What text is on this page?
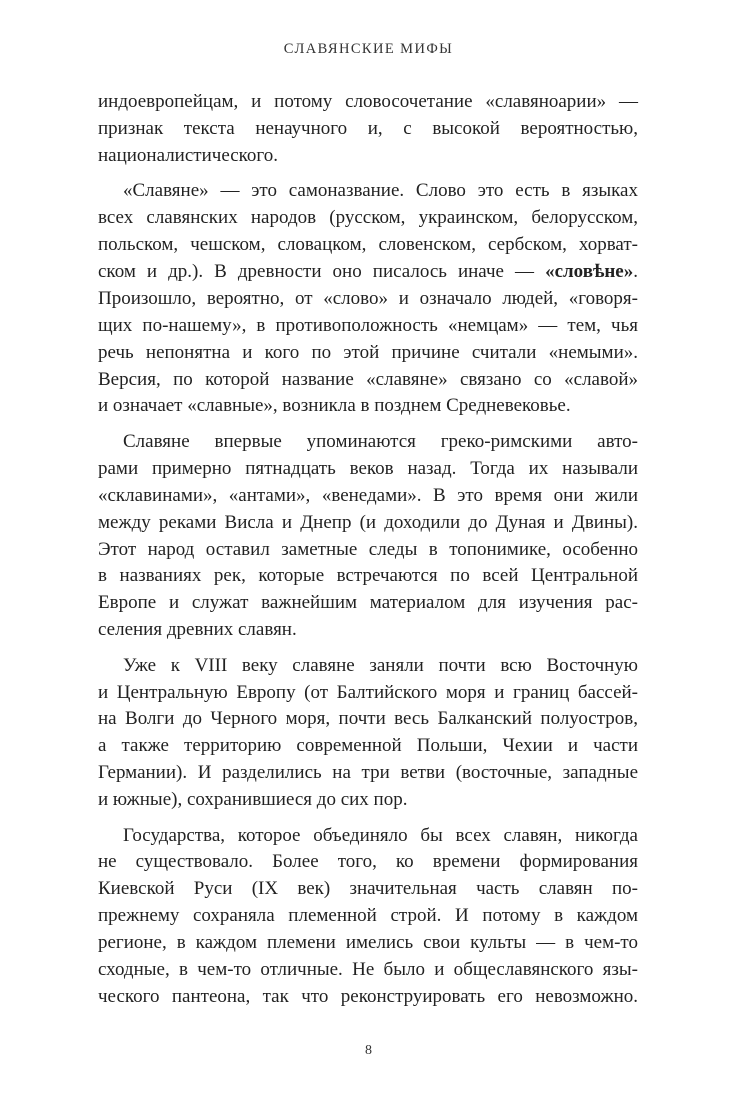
СЛАВЯНСКИЕ МИФЫ

индоевропейцам, и потому словосочетание «славяноарии» —
признак текста ненаучного и, с высокой вероятностью,
националистического.

«Славяне» — это самоназвание. Слово это есть в языках
всех славянских народов (русском, украинском, белорусском,
польском, чешском, словацком, словенском, сербском, хорват-
ском и др.). В древности оно писалось иначе — «словѣне».
Произошло, вероятно, от «слово» и означало людей, «говоря-
щих по-нашему», в противоположность «немцам» — тем, чья
речь непонятна и кого по этой причине считали «немыми».
Версия, по которой название «славяне» связано со «славой»
и означает «славные», возникла в позднем Средневековье.

Славяне впервые упоминаются греко-римскими авто-
рами примерно пятнадцать веков назад. Тогда их называли
«склавинами», «антами», «венедами». В это время они жили
между реками Висла и Днепр (и доходили до Дуная и Двины).
Этот народ оставил заметные следы в топонимике, особенно
в названиях рек, которые встречаются по всей Центральной
Европе и служат важнейшим материалом для изучения рас-
селения древних славян.

Уже к VIII веку славяне заняли почти всю Восточную
и Центральную Европу (от Балтийского моря и границ бассей-
на Волги до Черного моря, почти весь Балканский полуостров,
а также территорию современной Польши, Чехии и части
Германии). И разделились на три ветви (восточные, западные
и южные), сохранившиеся до сих пор.

Государства, которое объединяло бы всех славян, никогда
не существовало. Более того, ко времени формирования
Киевской Руси (IX век) значительная часть славян по-
прежнему сохраняла племенной строй. И потому в каждом
регионе, в каждом племени имелись свои культы — в чем-то
сходные, в чем-то отличные. Не было и общеславянского язы-
ческого пантеона, так что реконструировать его невозможно.

8
